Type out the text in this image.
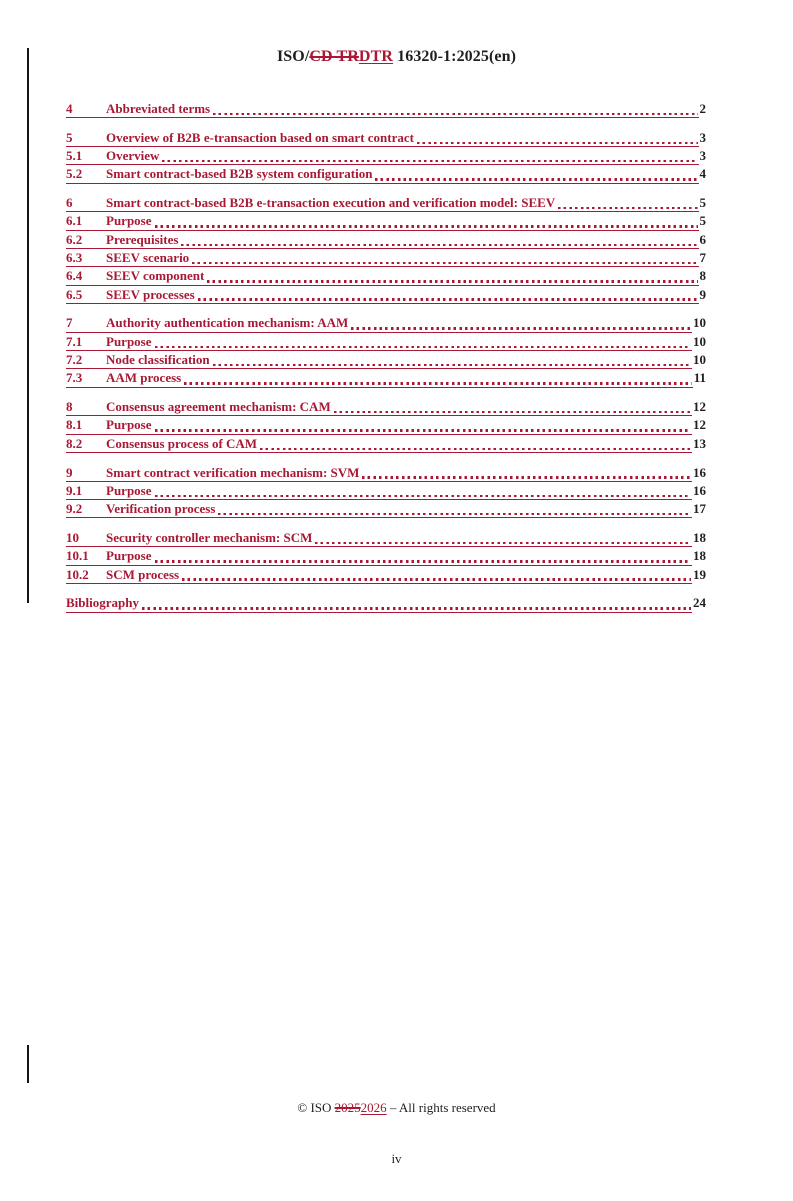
ISO/CD TRDTR 16320-1:2025(en)
4	Abbreviated terms	2
5	Overview of B2B e-transaction based on smart contract	3
5.1	Overview	3
5.2	Smart contract-based B2B system configuration	4
6	Smart contract-based B2B e-transaction execution and verification model: SEEV	5
6.1	Purpose	5
6.2	Prerequisites	6
6.3	SEEV scenario	7
6.4	SEEV component	8
6.5	SEEV processes	9
7	Authority authentication mechanism: AAM	10
7.1	Purpose	10
7.2	Node classification	10
7.3	AAM process	11
8	Consensus agreement mechanism: CAM	12
8.1	Purpose	12
8.2	Consensus process of CAM	13
9	Smart contract verification mechanism: SVM	16
9.1	Purpose	16
9.2	Verification process	17
10	Security controller mechanism: SCM	18
10.1	Purpose	18
10.2	SCM process	19
Bibliography	24

© ISO 20252026 – All rights reserved

iv
